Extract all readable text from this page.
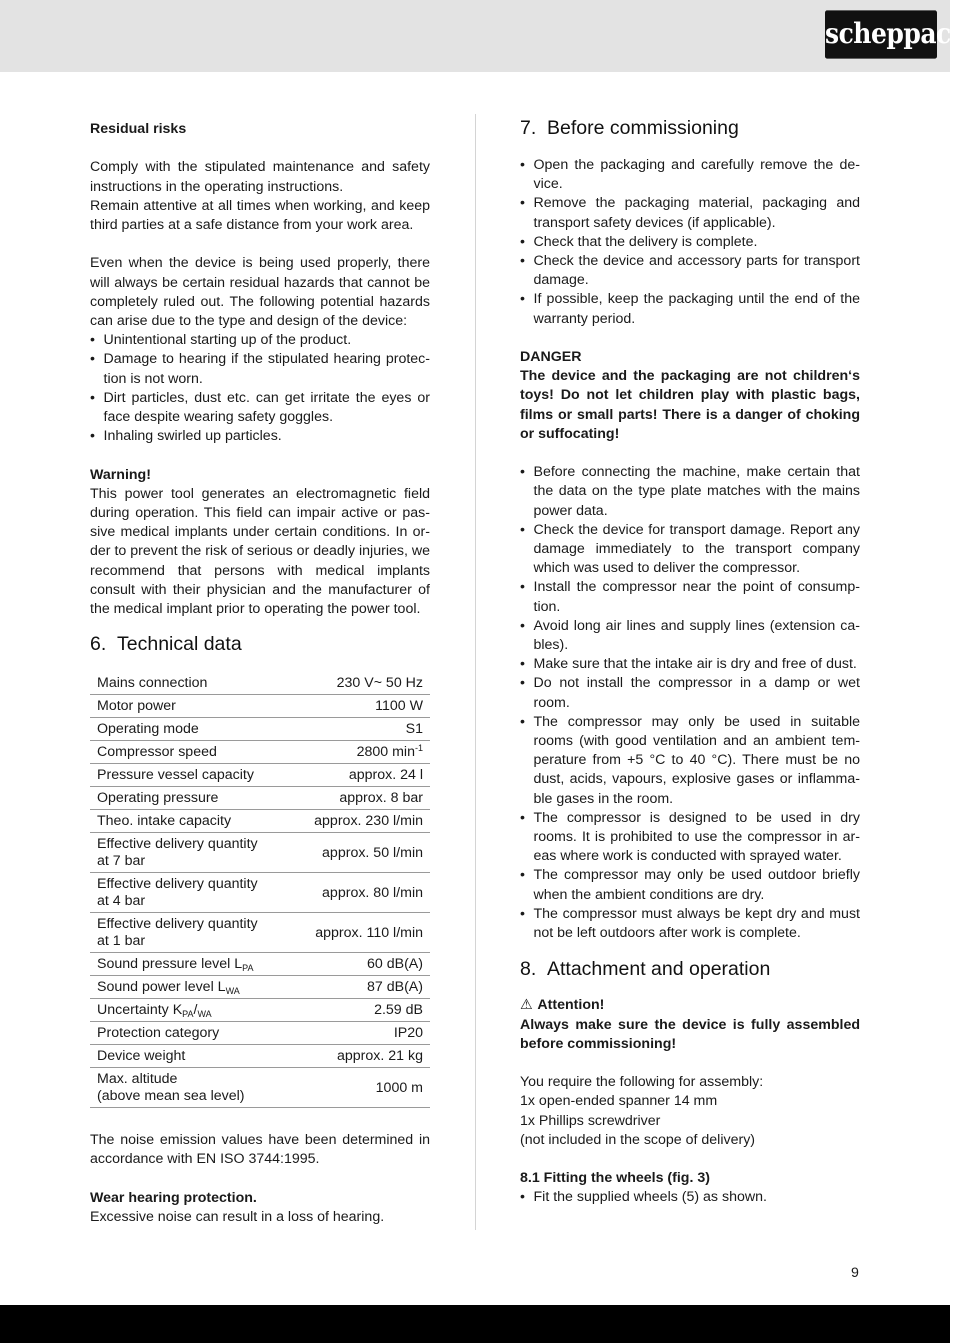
scheppach

Residual risks

Comply with the stipulated maintenance and safety instructions in the operating instructions.

Remain attentive at all times when working, and keep third parties at a safe distance from your work area.

Even when the device is being used properly, there will always be certain residual hazards that cannot be completely ruled out. The following potential hazards can arise due to the type and design of the device:

• Unintentional starting up of the product.
• Damage to hearing if the stipulated hearing protec-tion is not worn.
• Dirt particles, dust etc. can get irritate the eyes or face despite wearing safety goggles.
• Inhaling swirled up particles.

Warning!

This power tool generates an electromagnetic field during operation. This field can impair active or pas-sive medical implants under certain conditions. In or-der to prevent the risk of serious or deadly injuries, we recommend that persons with medical implants consult with their physician and the manufacturer of the medical implant prior to operating the power tool.

6. Technical data
Mains connection	230 V~ 50 Hz
Motor power	1100 W
Operating mode	S1
Compressor speed	2800 $\min^{-1}$
Pressure vessel capacity	approx. 24 l
Operating pressure	approx. 8 bar
Theo. intake capacity	approx. 230 l/min
Effective delivery quantity
at 7 bar	approx. 50 l/min
Effective delivery quantity
at 4 bar	approx. 80 l/min
Effective delivery quantity
at 1 bar	approx. 110 l/min
Sound pressure level $L_{PA}$	60 dB(A)
Sound power level $L_{WA}$	87 dB(A)
Uncertainty $K_{PA}/_{WA}$	2.59 dB
Protection category	IP20
Device weight	approx. 21 kg
Max. altitude
(above mean sea level)	1000 m

The noise emission values have been determined in accordance with EN ISO 3744:1995.

Wear hearing protection.

Excessive noise can result in a loss of hearing.

7. Before commissioning
• Open the packaging and carefully remove the de-vice.
• Remove the packaging material, packaging and transport safety devices (if applicable).
• Check that the delivery is complete.
• Check the device and accessory parts for transport damage.
• If possible, keep the packaging until the end of the warranty period.

DANGER

The device and the packaging are not children‘s toys! Do not let children play with plastic bags, films or small parts! There is a danger of choking or suffocating!

• Before connecting the machine, make certain that the data on the type plate matches with the mains power data.
• Check the device for transport damage. Report any damage immediately to the transport company which was used to deliver the compressor.
• Install the compressor near the point of consump-tion.
• Avoid long air lines and supply lines (extension ca-bles).
• Make sure that the intake air is dry and free of dust.
• Do not install the compressor in a damp or wet room.
• The compressor may only be used in suitable rooms (with good ventilation and an ambient tem-perature from +5 °C to 40 °C). There must be no dust, acids, vapours, explosive gases or inflamma-ble gases in the room.
• The compressor is designed to be used in dry rooms. It is prohibited to use the compressor in ar-eas where work is conducted with sprayed water.
• The compressor may only be used outdoor briefly when the ambient conditions are dry.
• The compressor must always be kept dry and must not be left outdoors after work is complete.
8. Attachment and operation

⚠ Attention!

Always make sure the device is fully assembled before commissioning!

You require the following for assembly:

1x open-ended spanner 14 mm

1x Phillips screwdriver

(not included in the scope of delivery)

8.1 Fitting the wheels (fig. 3)

• Fit the supplied wheels (5) as shown.
9
